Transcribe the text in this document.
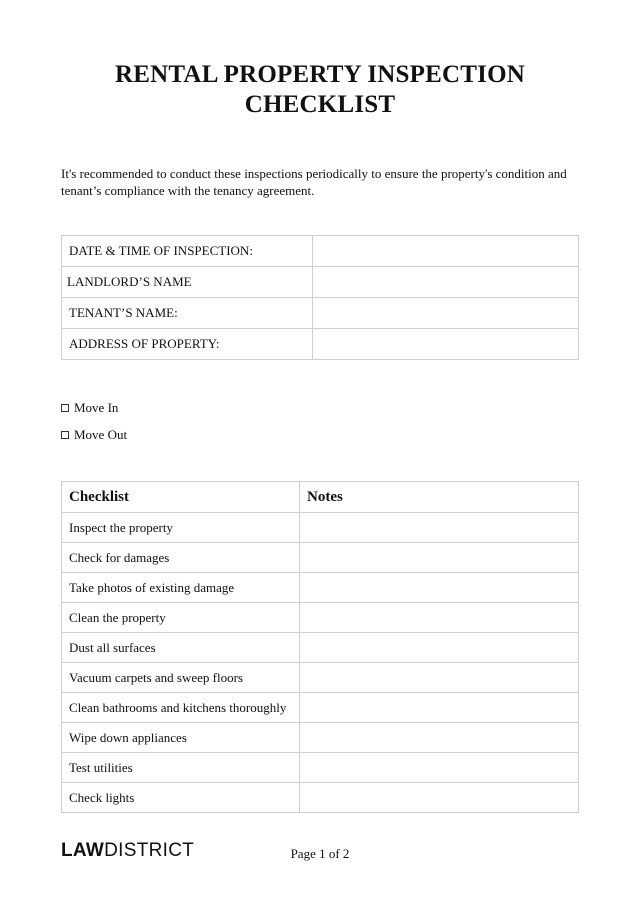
RENTAL PROPERTY INSPECTION
CHECKLIST
It's recommended to conduct these inspections periodically to ensure the property's condition and tenant’s compliance with the tenancy agreement.
DATE & TIME OF INSPECTION:	
LANDLORD’S NAME	
TENANT’S NAME:	
ADDRESS OF PROPERTY:	
Move In
Move Out
Checklist	Notes
Inspect the property	
Check for damages	
Take photos of existing damage	
Clean the property	
Dust all surfaces	
Vacuum carpets and sweep floors	
Clean bathrooms and kitchens thoroughly	
Wipe down appliances	
Test utilities	
Check lights	
LAWDISTRICT	Page 1 of 2
